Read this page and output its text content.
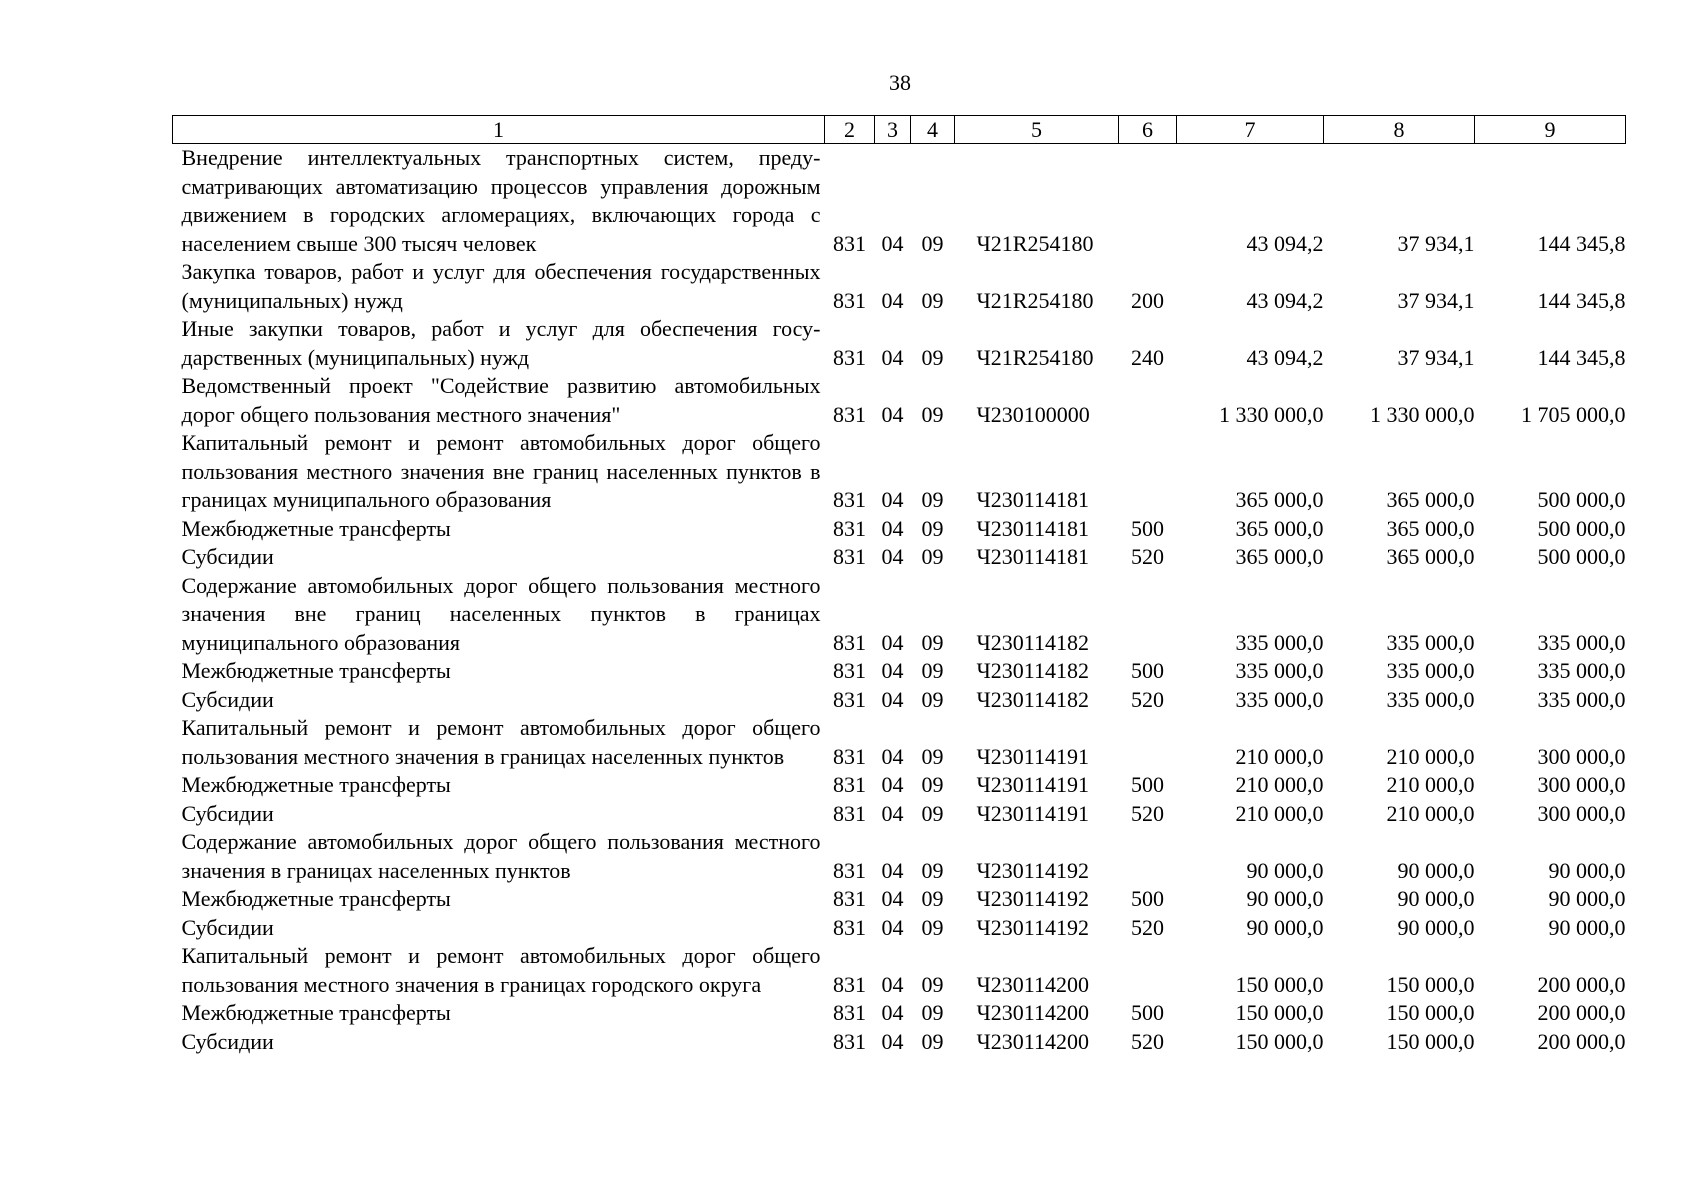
38
1	2	3	4	5	6	7	8	9
Внедрение интеллектуальных транспортных систем, предусматривающих автоматизацию процессов управления дорожным движением в городских агломерациях, включающих города с населением свыше 300 тысяч человек	831	04	09	Ч21R254180		43 094,2	37 934,1	144 345,8
Закупка товаров, работ и услуг для обеспечения государственных (муниципальных) нужд	831	04	09	Ч21R254180	200	43 094,2	37 934,1	144 345,8
Иные закупки товаров, работ и услуг для обеспечения государственных (муниципальных) нужд	831	04	09	Ч21R254180	240	43 094,2	37 934,1	144 345,8
Ведомственный проект "Содействие развитию автомобильных дорог общего пользования местного значения"	831	04	09	Ч230100000		1 330 000,0	1 330 000,0	1 705 000,0
Капитальный ремонт и ремонт автомобильных дорог общего пользования местного значения вне границ населенных пунктов в границах муниципального образования	831	04	09	Ч230114181		365 000,0	365 000,0	500 000,0
Межбюджетные трансферты	831	04	09	Ч230114181	500	365 000,0	365 000,0	500 000,0
Субсидии	831	04	09	Ч230114181	520	365 000,0	365 000,0	500 000,0
Содержание автомобильных дорог общего пользования местного значения вне границ населенных пунктов в границах муниципального образования	831	04	09	Ч230114182		335 000,0	335 000,0	335 000,0
Межбюджетные трансферты	831	04	09	Ч230114182	500	335 000,0	335 000,0	335 000,0
Субсидии	831	04	09	Ч230114182	520	335 000,0	335 000,0	335 000,0
Капитальный ремонт и ремонт автомобильных дорог общего пользования местного значения в границах населенных пунктов	831	04	09	Ч230114191		210 000,0	210 000,0	300 000,0
Межбюджетные трансферты	831	04	09	Ч230114191	500	210 000,0	210 000,0	300 000,0
Субсидии	831	04	09	Ч230114191	520	210 000,0	210 000,0	300 000,0
Содержание автомобильных дорог общего пользования местного значения в границах населенных пунктов	831	04	09	Ч230114192		90 000,0	90 000,0	90 000,0
Межбюджетные трансферты	831	04	09	Ч230114192	500	90 000,0	90 000,0	90 000,0
Субсидии	831	04	09	Ч230114192	520	90 000,0	90 000,0	90 000,0
Капитальный ремонт и ремонт автомобильных дорог общего пользования местного значения в границах городского округа	831	04	09	Ч230114200		150 000,0	150 000,0	200 000,0
Межбюджетные трансферты	831	04	09	Ч230114200	500	150 000,0	150 000,0	200 000,0
Субсидии	831	04	09	Ч230114200	520	150 000,0	150 000,0	200 000,0
